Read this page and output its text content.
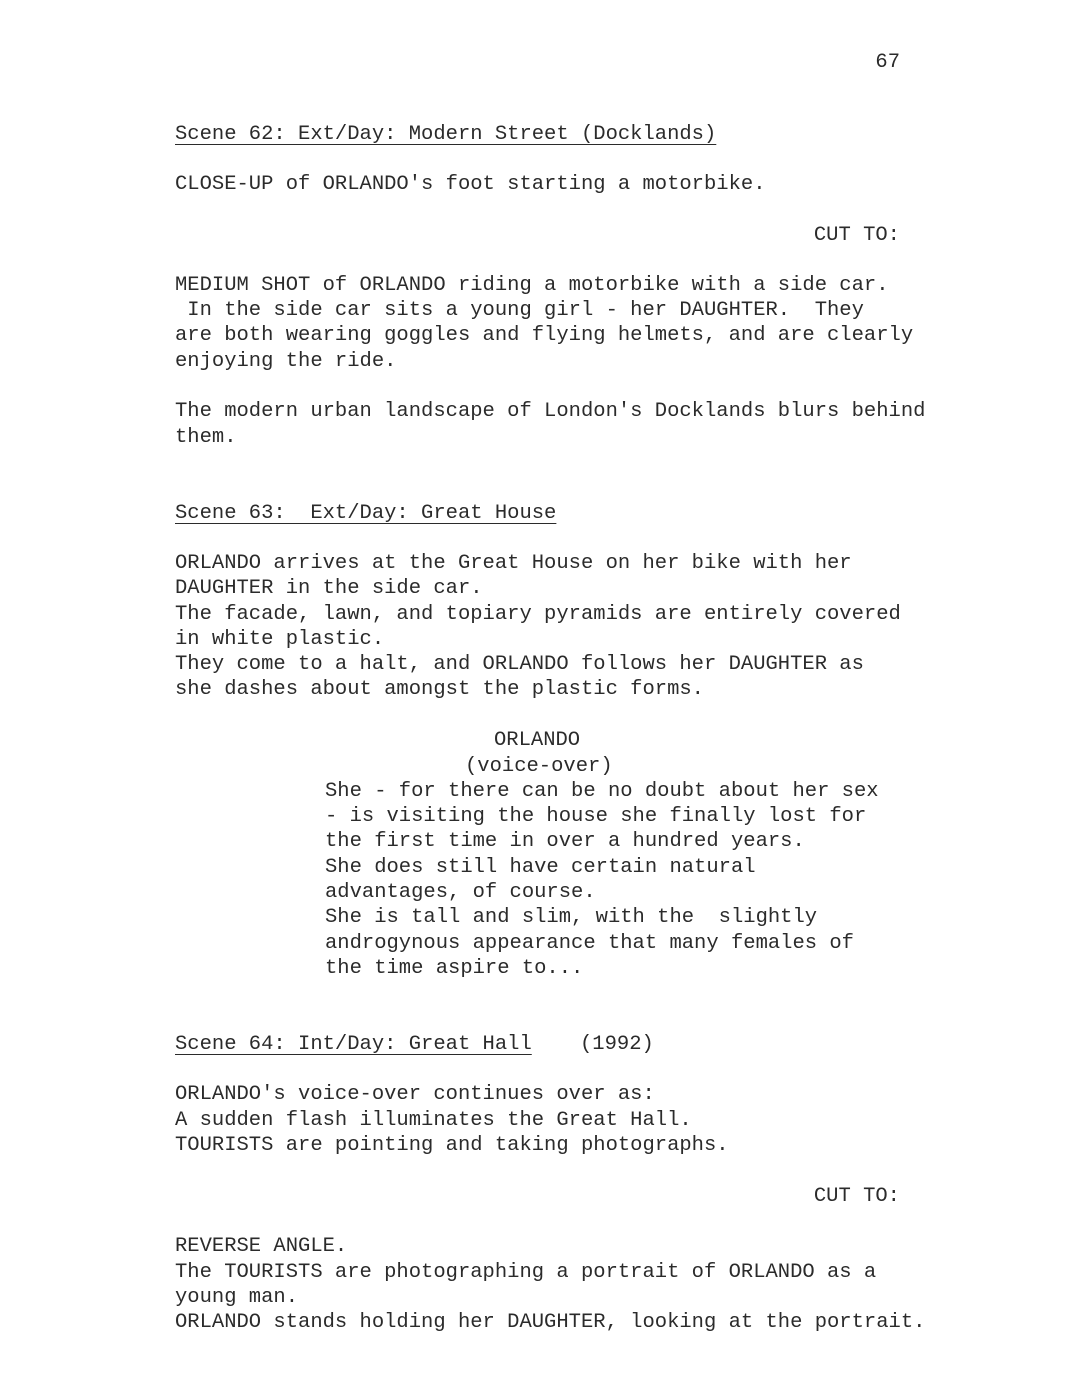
67
Scene 62: Ext/Day: Modern Street (Docklands)
CLOSE-UP of ORLANDO's foot starting a motorbike.
CUT TO:
MEDIUM SHOT of ORLANDO riding a motorbike with a side car.
In the side car sits a young girl - her DAUGHTER.  They
are both wearing goggles and flying helmets, and are clearly
enjoying the ride.
The modern urban landscape of London's Docklands blurs behind
them.
Scene 63:  Ext/Day: Great House
ORLANDO arrives at the Great House on her bike with her
DAUGHTER in the side car.
The facade, lawn, and topiary pyramids are entirely covered
in white plastic.
They come to a halt, and ORLANDO follows her DAUGHTER as
she dashes about amongst the plastic forms.
ORLANDO
(voice-over)
She - for there can be no doubt about her sex
- is visiting the house she finally lost for
the first time in over a hundred years.
She does still have certain natural
advantages, of course.
She is tall and slim, with the  slightly
androgynous appearance that many females of
the time aspire to...
Scene 64: Int/Day: Great Hall (1992)
ORLANDO's voice-over continues over as:
A sudden flash illuminates the Great Hall.
TOURISTS are pointing and taking photographs.
CUT TO:
REVERSE ANGLE.
The TOURISTS are photographing a portrait of ORLANDO as a
young man.
ORLANDO stands holding her DAUGHTER, looking at the portrait.
